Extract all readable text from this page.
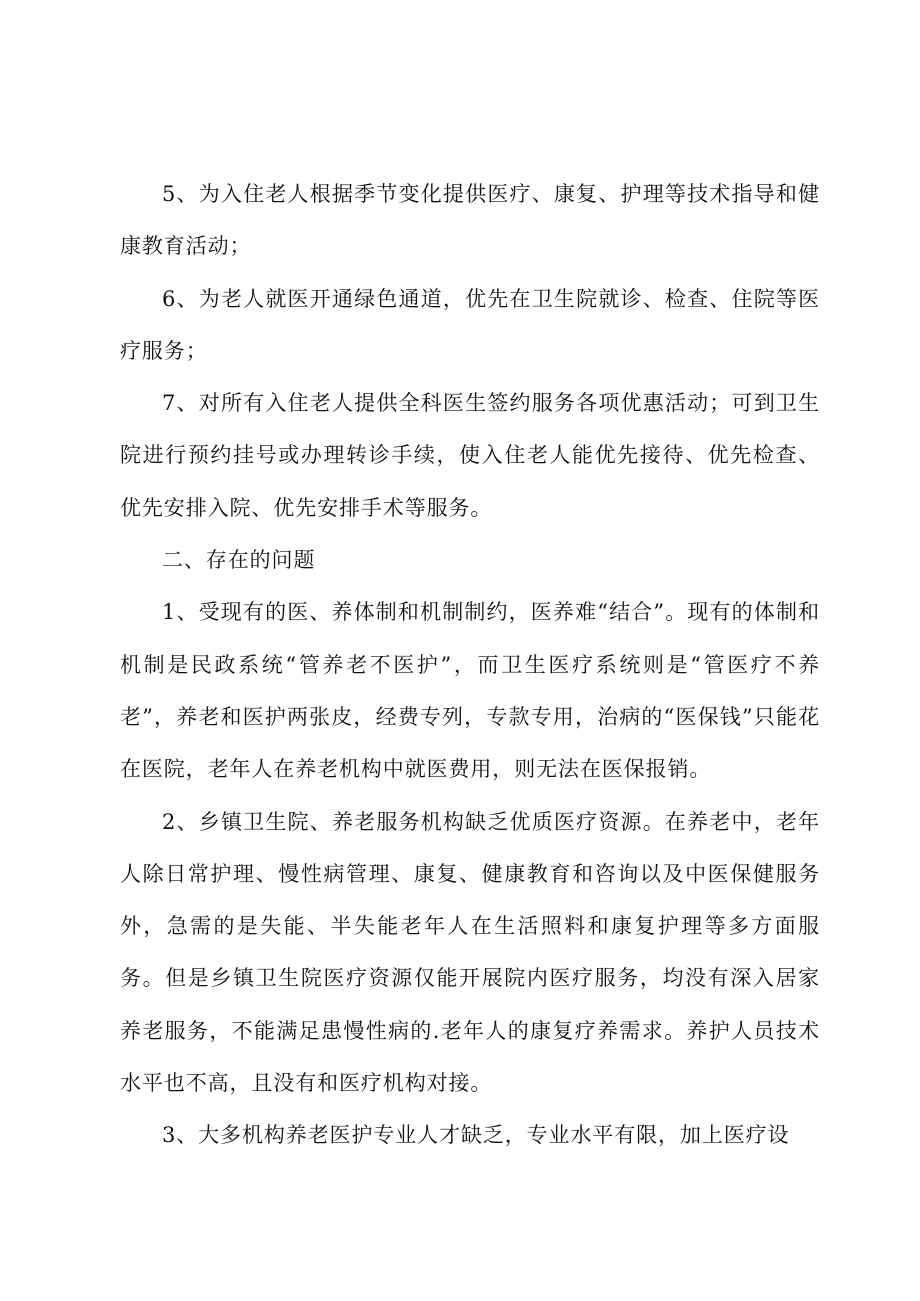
5、为入住老人根据季节变化提供医疗、康复、护理等技术指导和健康教育活动；

6、为老人就医开通绿色通道，优先在卫生院就诊、检查、住院等医疗服务；

7、对所有入住老人提供全科医生签约服务各项优惠活动；可到卫生院进行预约挂号或办理转诊手续，使入住老人能优先接待、优先检查、优先安排入院、优先安排手术等服务。

二、存在的问题

1、受现有的医、养体制和机制制约，医养难“结合”。现有的体制和机制是民政系统“管养老不医护”，而卫生医疗系统则是“管医疗不养老”，养老和医护两张皮，经费专列，专款专用，治病的“医保钱”只能花在医院，老年人在养老机构中就医费用，则无法在医保报销。

2、乡镇卫生院、养老服务机构缺乏优质医疗资源。在养老中，老年人除日常护理、慢性病管理、康复、健康教育和咨询以及中医保健服务外，急需的是失能、半失能老年人在生活照料和康复护理等多方面服务。但是乡镇卫生院医疗资源仅能开展院内医疗服务，均没有深入居家养老服务，不能满足患慢性病的.老年人的康复疗养需求。养护人员技术水平也不高，且没有和医疗机构对接。

3、大多机构养老医护专业人才缺乏，专业水平有限，加上医疗设
